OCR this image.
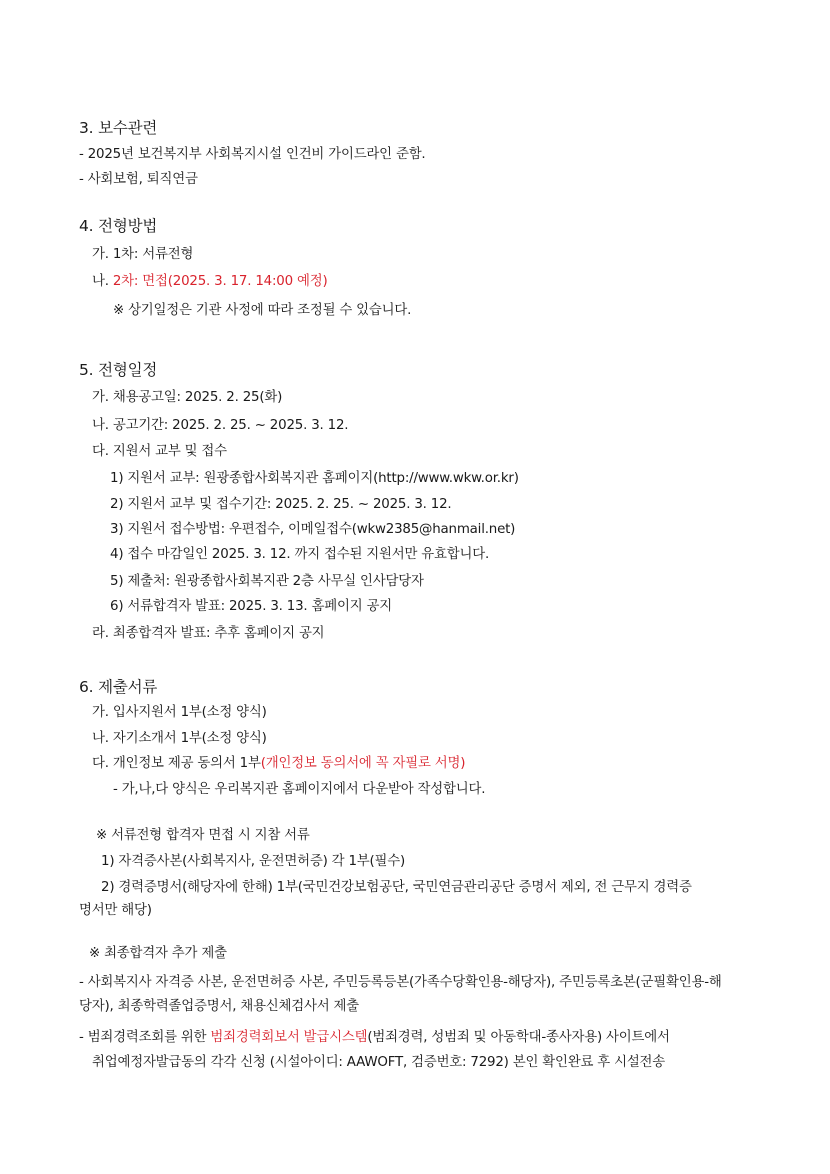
3. 보수관련
- 2025년 보건복지부 사회복지시설 인건비 가이드라인 준함.
- 사회보험, 퇴직연금
4. 전형방법
가. 1차: 서류전형
나. 2차: 면접(2025. 3. 17. 14:00 예정)
※ 상기일정은 기관 사정에 따라 조정될 수 있습니다.
5. 전형일정
가. 채용공고일: 2025. 2. 25(화)
나. 공고기간: 2025. 2. 25. ~ 2025. 3. 12.
다. 지원서 교부 및 접수
1) 지원서 교부: 원광종합사회복지관 홈페이지(http://www.wkw.or.kr)
2) 지원서 교부 및 접수기간: 2025. 2. 25. ~ 2025. 3. 12.
3) 지원서 접수방법: 우편접수, 이메일접수(wkw2385@hanmail.net)
4) 접수 마감일인 2025. 3. 12. 까지 접수된 지원서만 유효합니다.
5) 제출처: 원광종합사회복지관 2층 사무실 인사담당자
6) 서류합격자 발표: 2025. 3. 13. 홈페이지 공지
라. 최종합격자 발표: 추후 홈페이지 공지
6. 제출서류
가. 입사지원서 1부(소정 양식)
나. 자기소개서 1부(소정 양식)
다. 개인정보 제공 동의서 1부(개인정보 동의서에 꼭 자필로 서명)
- 가,나,다 양식은 우리복지관 홈페이지에서 다운받아 작성합니다.
※ 서류전형 합격자 면접 시 지참 서류
1) 자격증사본(사회복지사, 운전면허증) 각 1부(필수)
2) 경력증명서(해당자에 한해) 1부(국민건강보험공단, 국민연금관리공단 증명서 제외, 전 근무지 경력증
명서만 해당)
※ 최종합격자 추가 제출
- 사회복지사 자격증 사본, 운전면허증 사본, 주민등록등본(가족수당확인용-해당자), 주민등록초본(군필확인용-해
당자), 최종학력졸업증명서, 채용신체검사서 제출
- 범죄경력조회를 위한 범죄경력회보서 발급시스템(범죄경력, 성범죄 및 아동학대-종사자용) 사이트에서
취업예정자발급동의 각각 신청 (시설아이디: AAWOFT, 검증번호: 7292) 본인 확인완료 후 시설전송
